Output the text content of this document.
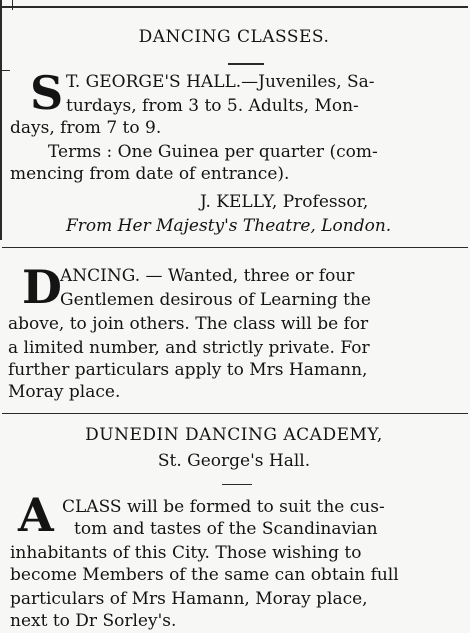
DANCING CLASSES.
S T. GEORGE'S HALL.—Juveniles, Sa-
turdays, from 3 to 5. Adults, Mon-
days, from 7 to 9.
Terms : One Guinea per quarter (com-
mencing from date of entrance).
J. KELLY, Professor,
From Her Majesty's Theatre, London.
D
ANCING. — Wanted, three or four
Gentlemen desirous of Learning the
above, to join others. The class will be for
a limited number, and strictly private. For
further particulars apply to Mrs Hamann,
Moray place.
DUNEDIN DANCING ACADEMY,
St. George's Hall.
A CLASS will be formed to suit the cus-
tom and tastes of the Scandinavian
inhabitants of this City. Those wishing to
become Members of the same can obtain full
particulars of Mrs Hamann, Moray place,
next to Dr Sorley's.
